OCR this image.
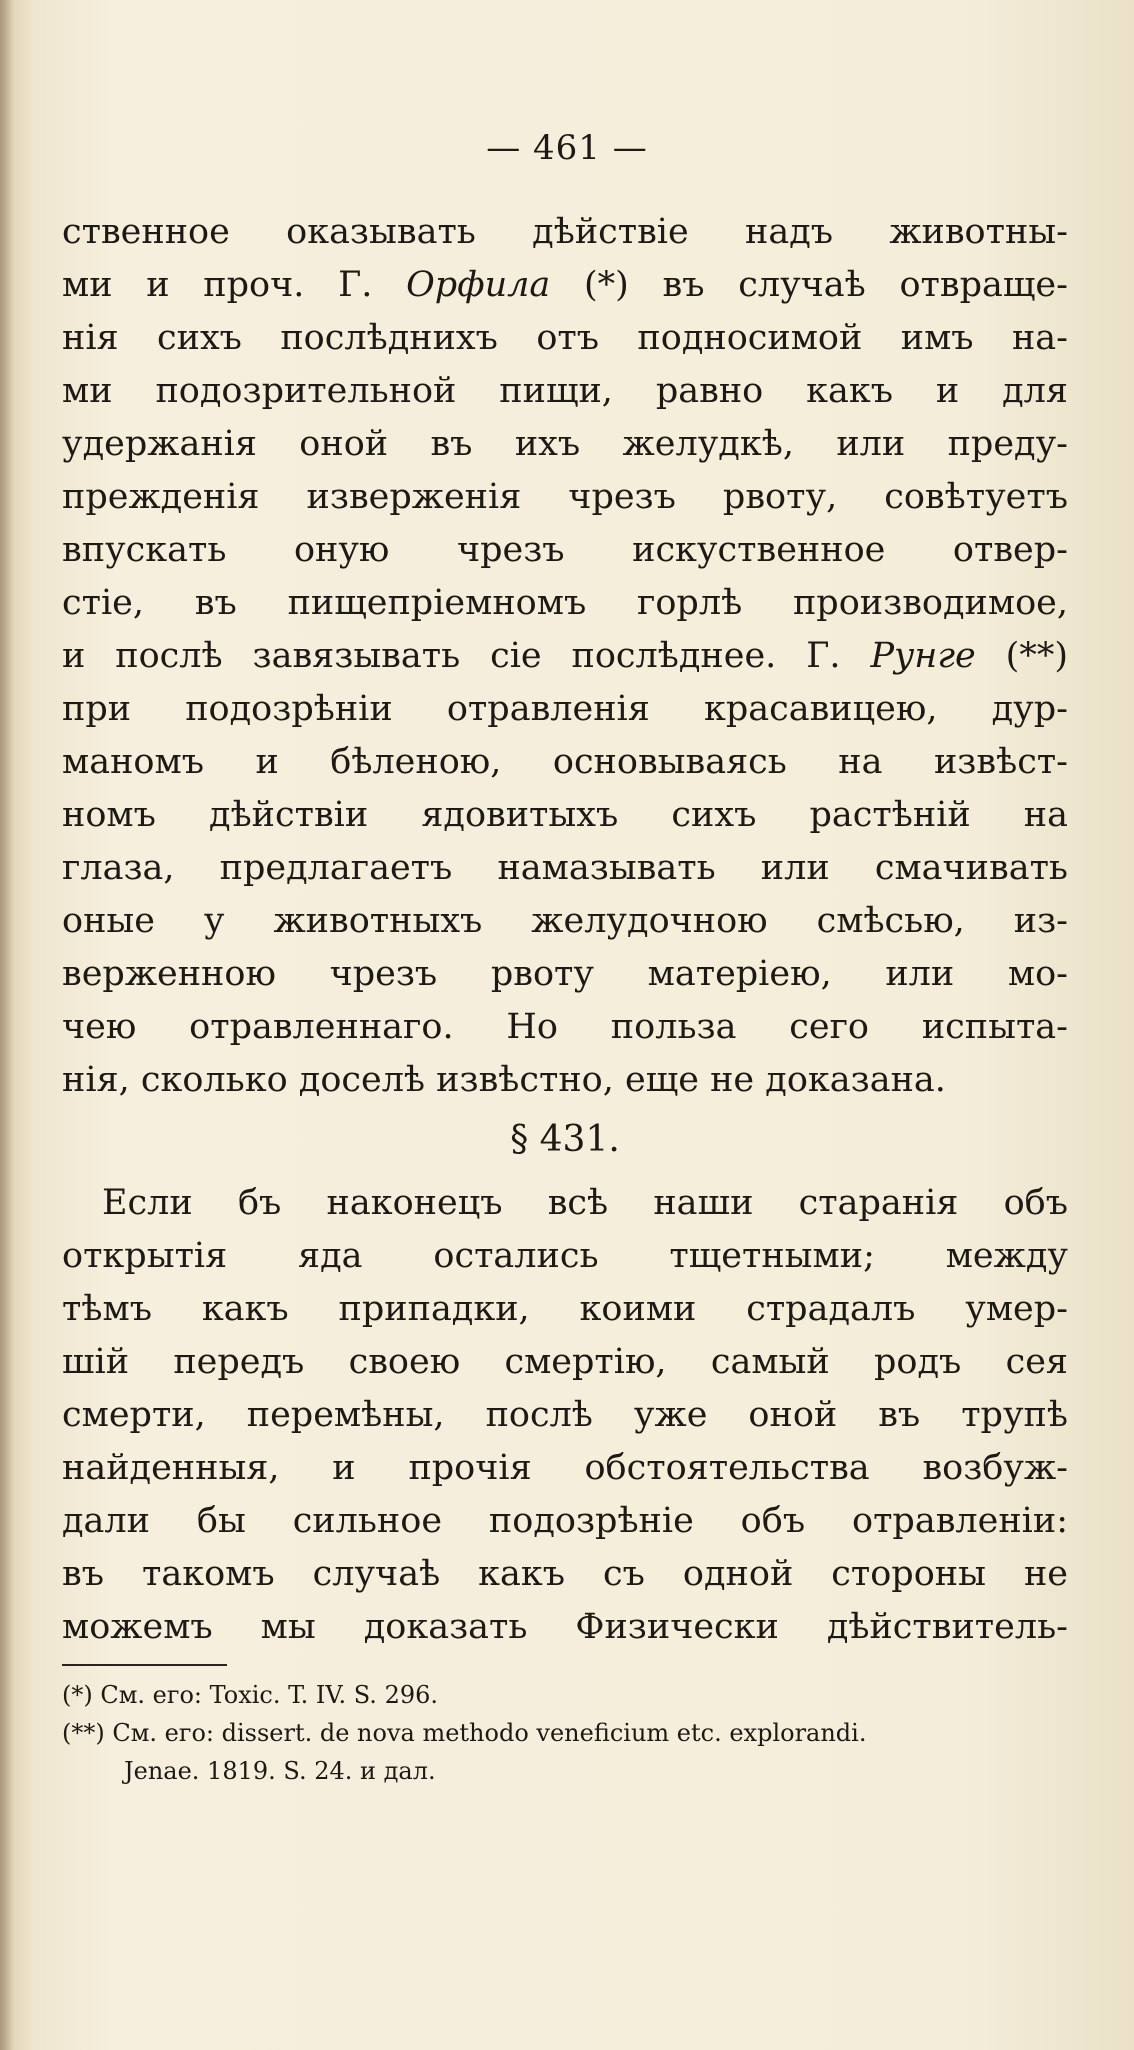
— 461 —
ственное оказывать дѣйствiе надъ животны-
ми и проч. Г. Орфила (*) въ случаѣ отвраще-
нiя сихъ послѣднихъ отъ подносимой имъ на-
ми подозрительной пищи, равно какъ и для
удержанiя оной въ ихъ желудкѣ, или преду-
прежденiя изверженiя чрезъ рвоту, совѣтуетъ
впускать оную чрезъ искуственное отвер-
стiе, въ пищепрiемномъ горлѣ производимое,
и послѣ завязывать сiе послѣднее. Г. Рунге (**)
при подозрѣнiи отравленiя красавицею, дур-
маномъ и бѣленою, основываясь на извѣст-
номъ дѣйствiи ядовитыхъ сихъ растѣнiй на
глаза, предлагаетъ намазывать или смачивать
оные у животныхъ желудочною смѣсью, из-
верженною чрезъ рвоту матерiею, или мо-
чею отравленнаго. Но польза сего испыта-
нiя, сколько доселѣ извѣстно, еще не доказана.
§ 431.
Если бъ наконецъ всѣ наши старанiя объ
открытiя яда остались тщетными; между
тѣмъ какъ припадки, коими страдалъ умер-
шiй передъ своею смертiю, самый родъ сея
смерти, перемѣны, послѣ уже оной въ трупѣ
найденныя, и прочiя обстоятельства возбуж-
дали бы сильное подозрѣнiе объ отравленiи:
въ такомъ случаѣ какъ съ одной стороны не
можемъ мы доказать Физически дѣйствитель-
(*) См. его: Toxic. T. IV. S. 296.
(**) См. его: dissert. de nova methodo veneficium etc. explorandi.
Jenae. 1819. S. 24. и дал.
